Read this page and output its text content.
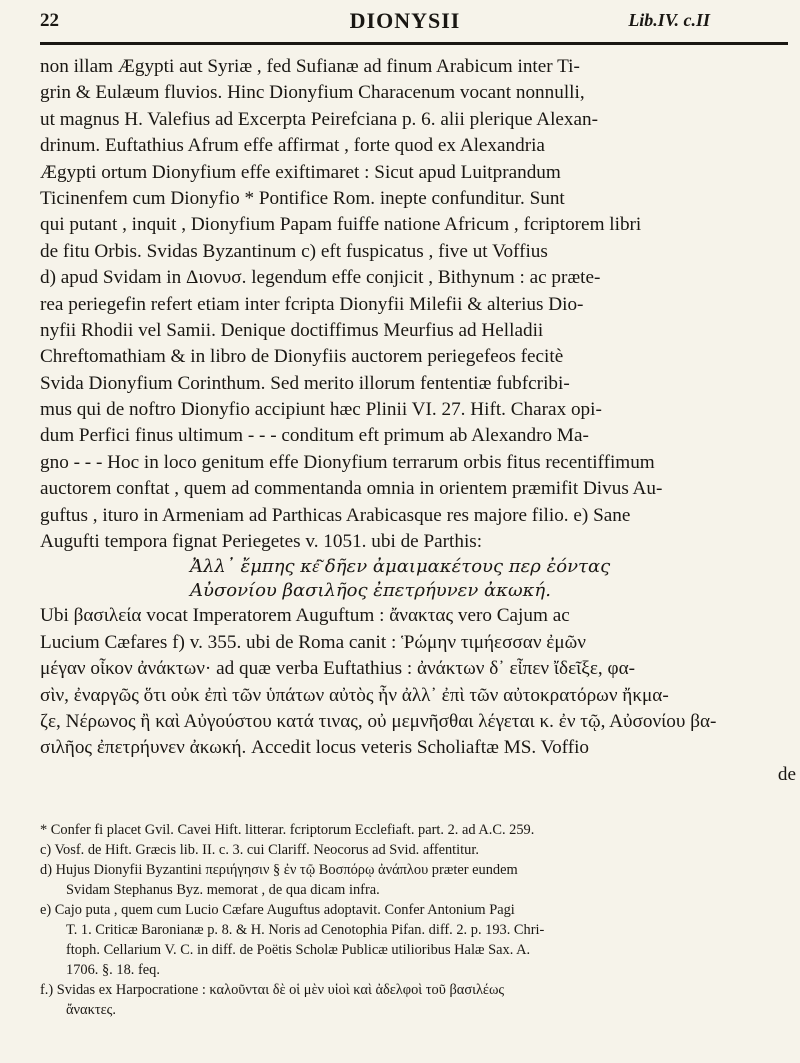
22	DIONYSII	Lib.IV. c.II
non illam Ægypti aut Syriæ , fed Sufianæ ad finum Arabicum inter Ti-
grin & Eulæum fluvios. Hinc Dionyfium Characenum vocant nonnulli,
ut magnus H. Valefius ad Excerpta Peirefciana p. 6. alii plerique Alexan-
drinum. Euftathius Afrum effe affirmat , forte quod ex Alexandria
Ægypti ortum Dionyfium effe exiftimaret : Sicut apud Luitprandum
Ticinenfem cum Dionyfio * Pontifice Rom. inepte confunditur. Sunt
qui putant , inquit , Dionyfium Papam fuiffe natione Africum , fcriptorem libri
de fitu Orbis. Svidas Byzantinum c) eft fuspicatus , five ut Voffius
d) apud Svidam in Διονυσ. legendum effe conjicit , Bithynum : ac præte-
rea periegefin refert etiam inter fcripta Dionyfii Milefii & alterius Dio-
nyfii Rhodii vel Samii. Denique doctiffimus Meurfius ad Helladii
Chreftomathiam & in libro de Dionyfiis auctorem periegefeos fecitè
Svida Dionyfium Corinthum. Sed merito illorum fententiæ fubfcribi-
mus qui de noftro Dionyfio accipiunt hæc Plinii VI. 27. Hift. Charax opi-
dum Perfici finus ultimum - - - conditum eft primum ab Alexandro Ma-
gno - - - Hoc in loco genitum effe Dionyfium terrarum orbis fitus recentiffimum
auctorem conftat , quem ad commentanda omnia in orientem præmifit Divus Au-
guftus , ituro in Armeniam ad Parthicas Arabicasque res majore filio. e) Sane
Augufti tempora fignat Periegetes v. 1051. ubi de Parthis:
Ἀλλ᾽ ἔμπης κέ͂ δῆεν ἀμαιμακέτους περ ἐόντας
Αὐσονίου βασιλῆος ἐπετρήυνεν ἀκωκή.
Ubi βασιλεία vocat Imperatorem Auguftum : ἄνακτας vero Cajum ac
Lucium Cæfares f) v. 355. ubi de Roma canit : Ῥώμην τιμήεσσαν ἐμῶν
μέγαν οἶκον ἀνάκτων· ad quæ verba Euftathius : ἀνάκτων δ᾽ εἶπεν ἴδεῖξε, φα-
σὶν, ἐναργῶς ὅτι οὐκ ἐπὶ τῶν ὑπάτων αὐτὸς ἦν ἀλλ᾽ ἐπὶ τῶν αὐτοκρατόρων ἤκμα-
ζε, Νέρωνος ἢ καὶ Αὐγούστου κατά τινας, οὐ μεμνῆσθαι λέγεται κ. ἐν τῷ, Αὐσονίου βα-
σιλῆος ἐπετρήυνεν ἀκωκή. Accedit locus veteris Scholiaftæ MS. Voffio
de
* Confer fi placet Gvil. Cavei Hift. litterar. fcriptorum Ecclefiaft. part. 2. ad A.C. 259.
c) Vosf. de Hift. Græcis lib. II. c. 3. cui Clariff. Neocorus ad Svid. affentitur.
d) Hujus Dionyfii Byzantini περιήγησιν § ἐν τῷ Βοσπόρῳ ἀνάπλου præter eundem
Svidam Stephanus Byz. memorat , de qua dicam infra.
e) Cajo puta , quem cum Lucio Cæfare Auguftus adoptavit. Confer Antonium Pagi
T. 1. Criticæ Baronianæ p. 8. & H. Noris ad Cenotophia Pifan. diff. 2. p. 193. Chri-
ftoph. Cellarium V. C. in diff. de Poëtis Scholæ Publicæ utilioribus Halæ Sax. A.
1706. §. 18. feq.
f.) Svidas ex Harpocratione : καλοῦνται δὲ οἱ μὲν υἱοὶ καὶ ἀδελφοὶ τοῦ βασιλέως
ἄνακτες.
